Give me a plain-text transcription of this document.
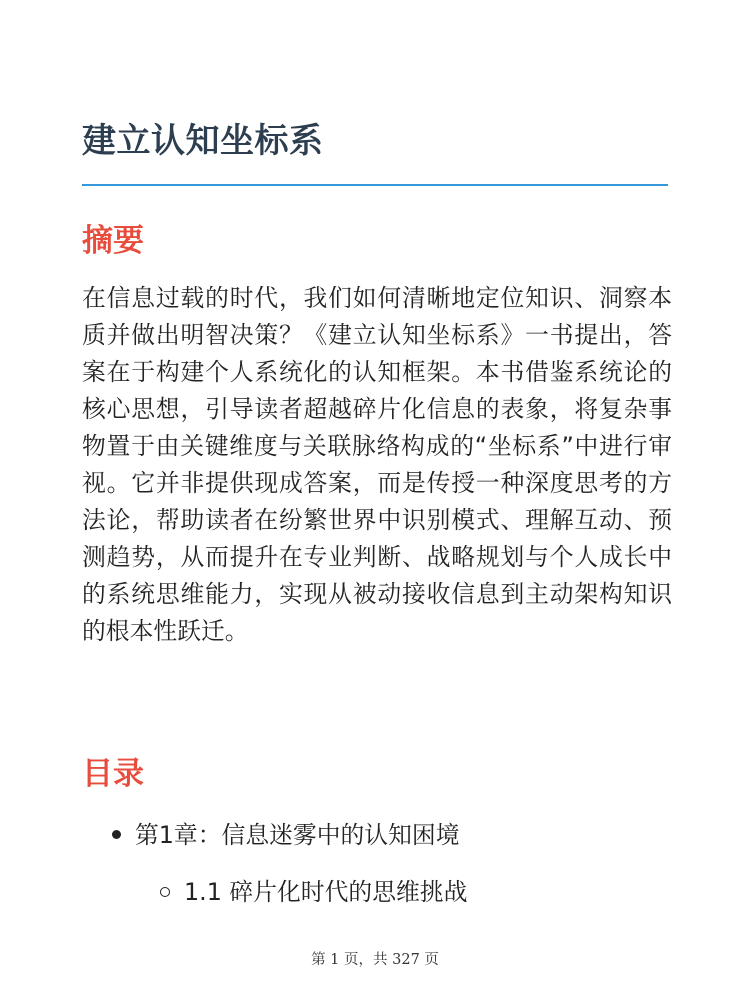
建立认知坐标系
摘要

在信息过载的时代，我们如何清晰地定位知识、洞察本质并做出明智决策？《建立认知坐标系》一书提出，答案在于构建个人系统化的认知框架。本书借鉴系统论的核心思想，引导读者超越碎片化信息的表象，将复杂事物置于由关键维度与关联脉络构成的“坐标系”中进行审视。它并非提供现成答案，而是传授一种深度思考的方法论，帮助读者在纷繁世界中识别模式、理解互动、预测趋势，从而提升在专业判断、战略规划与个人成长中的系统思维能力，实现从被动接收信息到主动架构知识的根本性跃迁。

目录
第1章：信息迷雾中的认知困境
1.1 碎片化时代的思维挑战
第 1 页，共 327 页
